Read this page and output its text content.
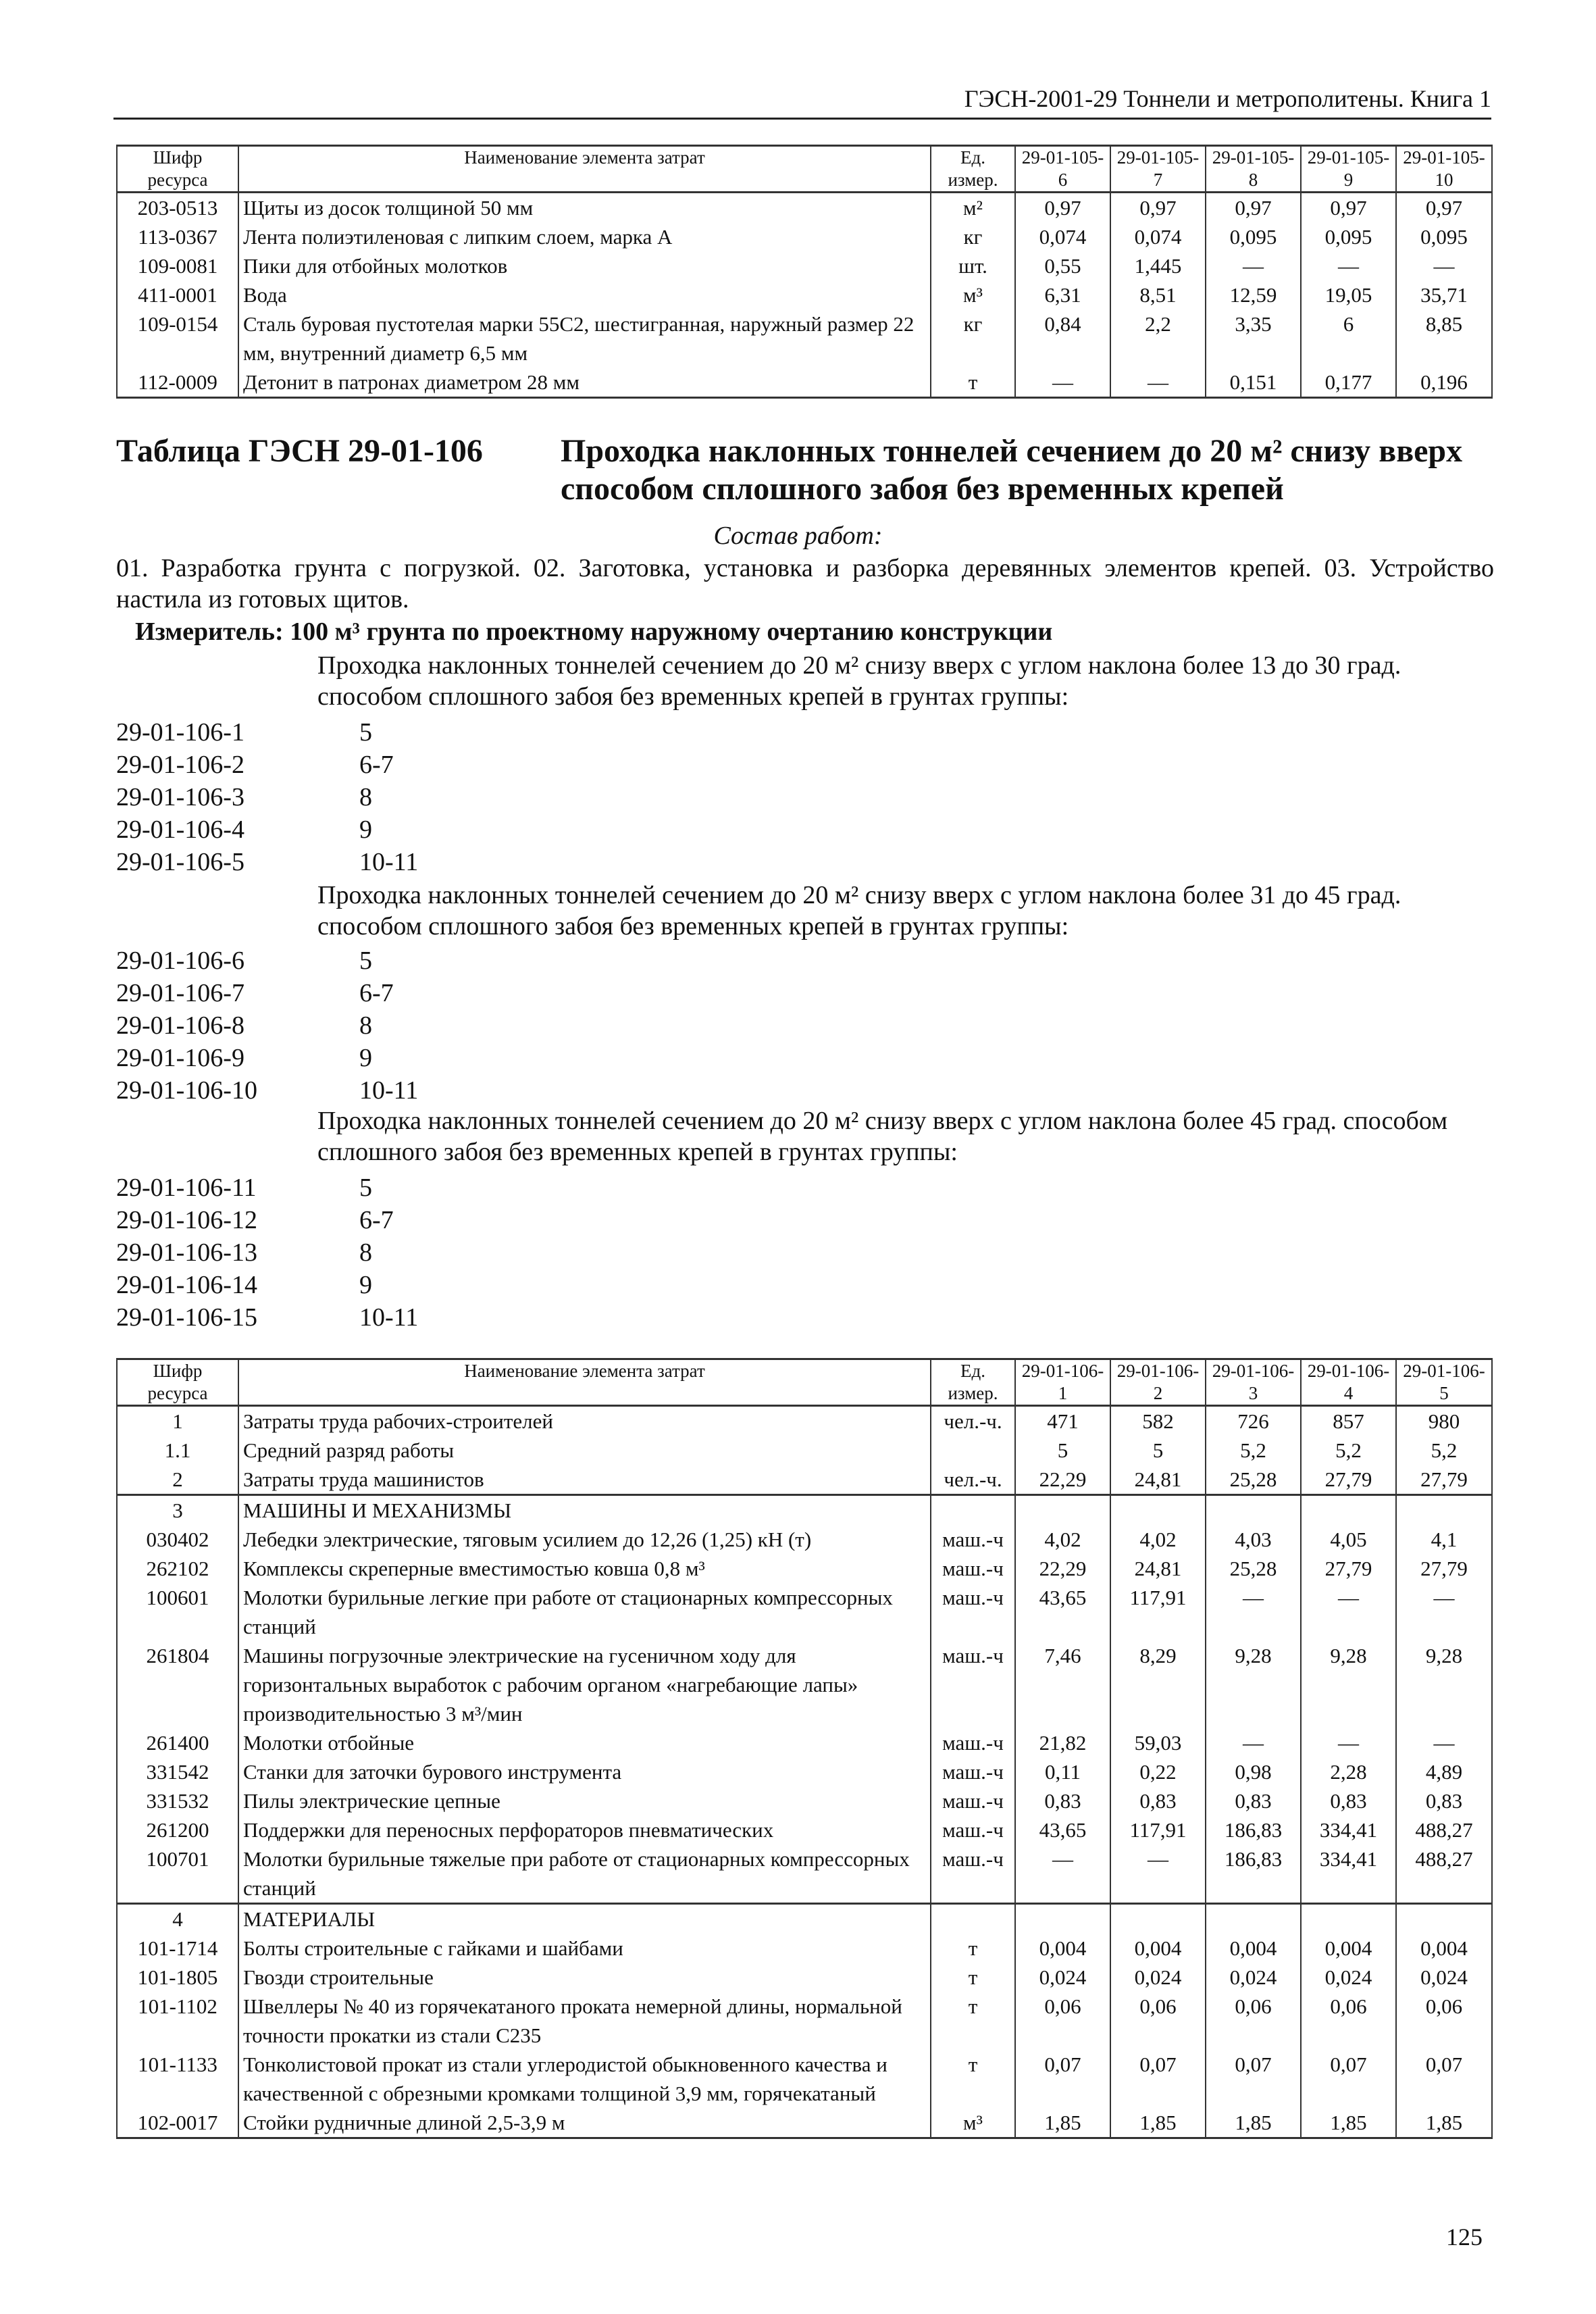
ГЭСН-2001-29 Тоннели и метрополитены. Книга 1
Шифр ресурса	Наименование элемента затрат	Ед. измер.	29-01-105-6	29-01-105-7	29-01-105-8	29-01-105-9	29-01-105-10
203-0513	Щиты из досок толщиной 50 мм	м²	0,97	0,97	0,97	0,97	0,97
113-0367	Лента полиэтиленовая с липким слоем, марка А	кг	0,074	0,074	0,095	0,095	0,095
109-0081	Пики для отбойных молотков	шт.	0,55	1,445	—	—	—
411-0001	Вода	м³	6,31	8,51	12,59	19,05	35,71
109-0154	Сталь буровая пустотелая марки 55С2, шестигранная, наружный размер 22 мм, внутренний диаметр 6,5 мм	кг	0,84	2,2	3,35	6	8,85
112-0009	Детонит в патронах диаметром 28 мм	т	—	—	0,151	0,177	0,196
Таблица ГЭСН 29-01-106 Проходка наклонных тоннелей сечением до 20 м² снизу вверх способом сплошного забоя без временных крепей
Состав работ:
01. Разработка грунта с погрузкой. 02. Заготовка, установка и разборка деревянных элементов крепей. 03. Устройство настила из готовых щитов.
Измеритель: 100 м³ грунта по проектному наружному очертанию конструкции
Проходка наклонных тоннелей сечением до 20 м² снизу вверх с углом наклона более 13 до 30 град. способом сплошного забоя без временных крепей в грунтах группы:
29-01-106-1	5
29-01-106-2	6-7
29-01-106-3	8
29-01-106-4	9
29-01-106-5	10-11
Проходка наклонных тоннелей сечением до 20 м² снизу вверх с углом наклона более 31 до 45 град. способом сплошного забоя без временных крепей в грунтах группы:
29-01-106-6	5
29-01-106-7	6-7
29-01-106-8	8
29-01-106-9	9
29-01-106-10	10-11
Проходка наклонных тоннелей сечением до 20 м² снизу вверх с углом наклона более 45 град. способом сплошного забоя без временных крепей в грунтах группы:
29-01-106-11	5
29-01-106-12	6-7
29-01-106-13	8
29-01-106-14	9
29-01-106-15	10-11
Шифр ресурса	Наименование элемента затрат	Ед. измер.	29-01-106-1	29-01-106-2	29-01-106-3	29-01-106-4	29-01-106-5
1	Затраты труда рабочих-строителей	чел.-ч.	471	582	726	857	980
1.1	Средний разряд работы		5	5	5,2	5,2	5,2
2	Затраты труда машинистов	чел.-ч.	22,29	24,81	25,28	27,79	27,79
3	МАШИНЫ И МЕХАНИЗМЫ						
030402	Лебедки электрические, тяговым усилием до 12,26 (1,25) кН (т)	маш.-ч	4,02	4,02	4,03	4,05	4,1
262102	Комплексы скреперные вместимостью ковша 0,8 м³	маш.-ч	22,29	24,81	25,28	27,79	27,79
100601	Молотки бурильные легкие при работе от стационарных компрессорных станций	маш.-ч	43,65	117,91	—	—	—
261804	Машины погрузочные электрические на гусеничном ходу для горизонтальных выработок с рабочим органом «нагребающие лапы» производительностью 3 м³/мин	маш.-ч	7,46	8,29	9,28	9,28	9,28
261400	Молотки отбойные	маш.-ч	21,82	59,03	—	—	—
331542	Станки для заточки бурового инструмента	маш.-ч	0,11	0,22	0,98	2,28	4,89
331532	Пилы электрические цепные	маш.-ч	0,83	0,83	0,83	0,83	0,83
261200	Поддержки для переносных перфораторов пневматических	маш.-ч	43,65	117,91	186,83	334,41	488,27
100701	Молотки бурильные тяжелые при работе от стационарных компрессорных станций	маш.-ч	—	—	186,83	334,41	488,27
4	МАТЕРИАЛЫ						
101-1714	Болты строительные с гайками и шайбами	т	0,004	0,004	0,004	0,004	0,004
101-1805	Гвозди строительные	т	0,024	0,024	0,024	0,024	0,024
101-1102	Швеллеры № 40 из горячекатаного проката немерной длины, нормальной точности прокатки из стали С235	т	0,06	0,06	0,06	0,06	0,06
101-1133	Тонколистовой прокат из стали углеродистой обыкновенного качества и качественной с обрезными кромками толщиной 3,9 мм, горячекатаный	т	0,07	0,07	0,07	0,07	0,07
102-0017	Стойки рудничные длиной 2,5-3,9 м	м³	1,85	1,85	1,85	1,85	1,85
125
